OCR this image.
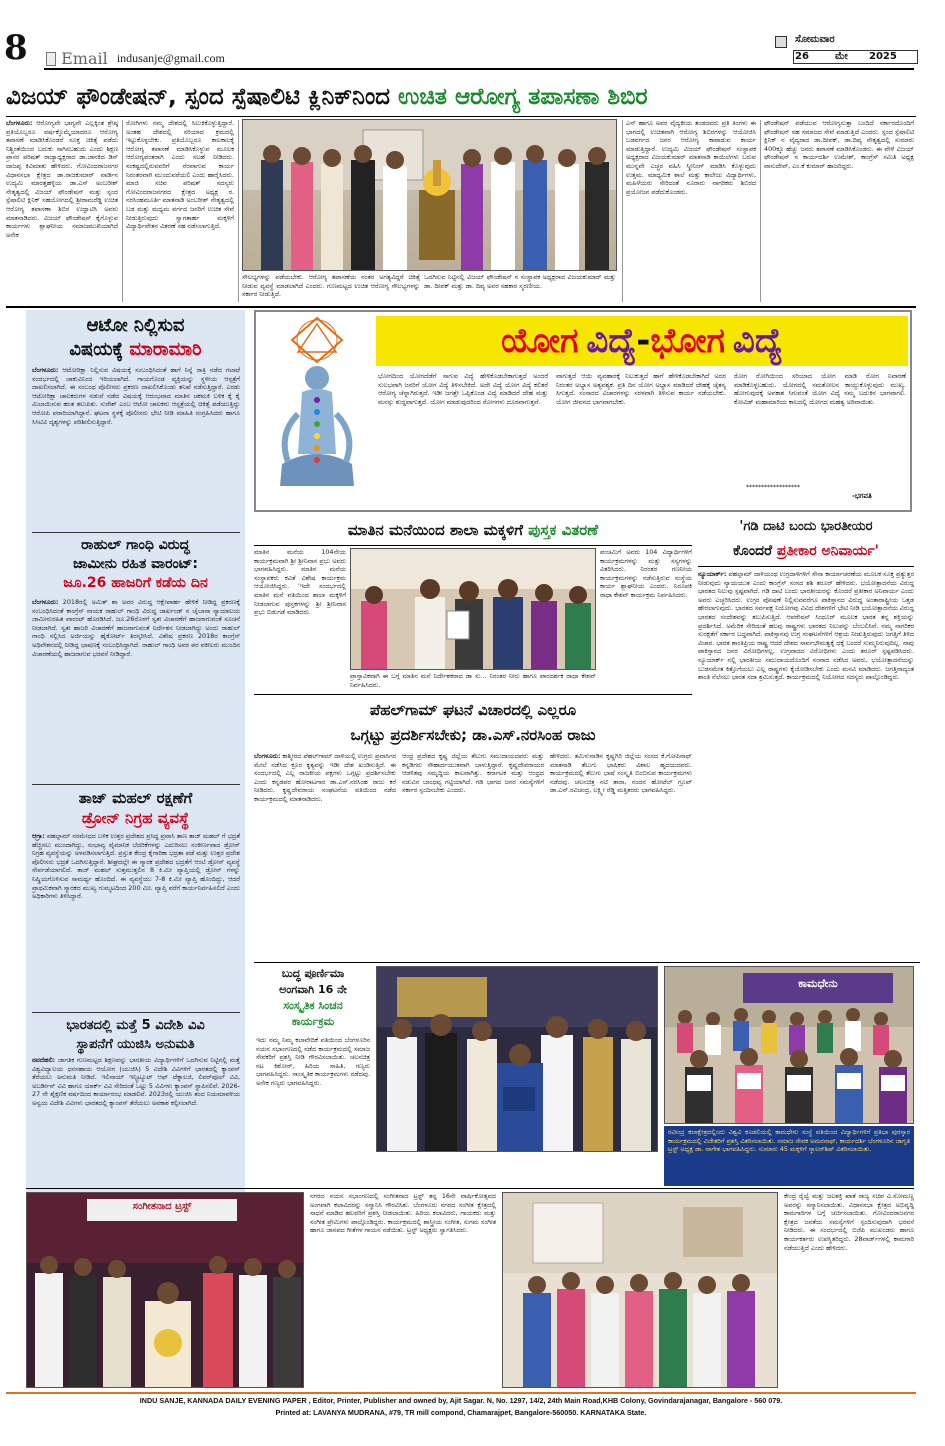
8	Email indusanje@gmail.com
ಸೋಮವಾರ
26	ಮೇ 2025
ವಿಜಯ್ ಫೌಂಡೇಷನ್, ಸ್ಪಂದ ಸ್ಪೆಷಾಲಿಟಿ ಕ್ಲಿನಿಕ್‌ನಿಂದ ಉಚಿತ ಆರೋಗ್ಯ ತಪಾಸಣಾ ಶಿಬಿರ
ಬೆಂಗಳೂರು: ಆರೋಗ್ಯವೇ ಭಾಗ್ಯವೇ ಎಲ್ಲಕ್ಕಿಂತ ಶ್ರೇಷ್ಠ ಪ್ರತಿಯೊಬ್ಬರೂ ವರ್ಷಕ್ಕೊಮ್ಮೆಯಾದರೂ ಆರೋಗ್ಯ ತಪಾಸಣೆ ಮಾಡಿಸಿಕೊಂಡರೆ ಸೂಕ್ತ ಚಿಕಿತ್ಸೆ ಪಡೆದು ನಿಶ್ಚಿಂತೆಯಿಂದ ಬದುಕು ಸಾಗಿಸಬಹುದು ಎಂದು ಶಿಕ್ಷಣ ಪ್ರಾಸರ ಪರಿಷತ್ ರಾಜ್ಯಾಧ್ಯಕ್ಷರಾದ ಡಾ.ಜಾನಕಿದ ಡಿಸ್ ದಾಜಪ್ಪ ಕಿವಿಮಾತು ಹೇಳಿದರು. ಗೋವಿಂದರಾಜನಗರ ವಿಧಾನಸಭಾ ಕ್ಷೇತ್ರದ ಡಾ.ರಾಜಕುಮಾರ್ ವಾರ್ಡಿನ ಉದ್ಯಮಿ ಮಾರತ್ತಹಳ್ಳಿಯ ಡಾ.ಎಸ್ ಅಂಬರೀಶ್ ನೇತೃತ್ವದಲ್ಲಿ ವಿಜಯ್ ಫೌಂಡೇಷನ್ ಮತ್ತು ಸ್ಪಂದ ಸ್ಪೆಷಾಲಿಟಿ ಕ್ಲಿನಿಕ್ ಸಹಯೋಗದಲ್ಲಿ ಶ್ರೀರಾಮರೆಡ್ಡಿ ಉಚಿತ ಆರೋಗ್ಯ ತಪಾಸಣಾ ಶಿಬಿರ ಉದ್ಘಾಟಿಸಿ ಅವರು ಮಾತನಾಡಿದರು. ವಿಜಯ್ ಫೌಂಡೇಷನ್ ಕೈಗೊಳ್ಳುವ ಕಾರ್ಯಗಳು ಶ್ಲಾಘನೀಯ ಸಮಾಜಮುಖಿಯಾಗಿದೆ ಅನೇಕ
ರೋಗಿಗಳು ನಮ್ಮ ದೇಶದಲ್ಲಿ ಸಿಲುಕಿಕೊಳ್ಳುತ್ತಿದ್ದಾರೆ. ಅಂತಹ ದೇಶದಲ್ಲಿ ಸರಿಯಾದ ಕ್ರಮದಲ್ಲಿ ಇಟ್ಟುಕೊಳ್ಳಬೇಕು. ಪ್ರತಿಯೊಬ್ಬರೂ ಕಾಲಕಾಲಕ್ಕೆ ಆರೋಗ್ಯ ತಪಾಸಣೆ ಮಾಡಿಸಿಕೊಳ್ಳುವ ಮೂಲಕ ಆರೋಗ್ಯವಂತರಾಗಿ ಎಂದು ಸಲಹೆ ನೀಡಿದರು. ಸಂಕಷ್ಟದಲ್ಲಿರುವವರಿಗೆ ನೆರವಾಗುವ ಕಾರ್ಯ ನಿರಂತರವಾಗಿ ಮುಂದುವರೆಯಲಿ ಎಂದು ಹಾರೈಸಿದರು. ಮಾಜಿ ಸಚಿವ ಪರಿಷತ್ ಸದಸ್ಯರು ಗೋವಿಂದರಾಜನಗರದ ಕ್ಷೇತ್ರದ ಅಧ್ಯಕ್ಷ ರ. ನರಸಿಂಹಮೂರ್ತಿ ಮಾತನಾಡಿ ಅಂಬರೀಶ್ ನೇತೃತ್ವದಲ್ಲಿ ಬಡ ಮತ್ತು ಮಧ್ಯಮ ವರ್ಗದ ಜನರಿಗೆ ಉಚಿತ ಸೇವೆ ನೀಡುತ್ತಿರುವುದು ಸ್ವಾಗತಾರ್ಹ ಮಕ್ಕಳಿಗೆ ವಿದ್ಯಾರ್ಥಿವೇತನ ವಿತರಣೆ ಸಹ ನಡೆಸಲಾಗುತ್ತಿದೆ.
ಸೌಲಭ್ಯಗಳನ್ನು ಪಡೆಯಬೇಕು. ಆರೋಗ್ಯ ತಪಾಸಣೆಯ ನಂತರ ಅಗತ್ಯವಿದ್ದರೆ ಚಿಕಿತ್ಸೆ ನೀಡುವ ವ್ಯವಸ್ಥೆ ಮಾಡಲಾಗಿದೆ ಎಂದರು. ಗುಣಮಟ್ಟದ ಉಚಿತ ಆರೋಗ್ಯ ಸೌಲಭ್ಯಗಳನ್ನು ಸರ್ಕಾರ ನೀಡುತ್ತಿದೆ.
ಒದಗಿಸುವ ನಿಟ್ಟಿನಲ್ಲಿ ವಿಜಯ್ ಫೌಂಡೇಷನ್ ನ ಸಂಸ್ಥಾಪಕ ಅಧ್ಯಕ್ಷರಾದ ವಿಜಯಕುಮಾರ್ ಮತ್ತು ಡಾ. ದೀಪಕ್ ಮತ್ತು ಡಾ. ದಿವ್ಯ ಅವರ ಸಹಕಾರ ಸ್ಮರಣೀಯ.
ಎನ್ ಹಾಗೂ ಅವರ ವೈದ್ಯಕೀಯ ತಂಡದವರು ಪ್ರತಿ ತಿಂಗಳು ಈ ಭಾಗದಲ್ಲಿ ಉಚಿತವಾಗಿ ಆರೋಗ್ಯ ಶಿಬಿರಗಳನ್ನು ಆಯೋಜಿಸಿ ಬಡವರ್ಗದ ಜನರ ಆರೋಗ್ಯ ಕಾಪಾಡುವ ಕಾರ್ಯ ಮಾಡುತ್ತಿದ್ದಾರೆ. ಉದ್ಯಮಿ ವಿಜಯ್ ಫೌಂಡೇಷನ್ ಸಂಸ್ಥಾಪಕ ಅಧ್ಯಕ್ಷರಾದ ವಿಜಯಕುಮಾರ್ ಮಾತನಾಡಿ ಕಾಯಿಲೆಗಳು ಬರುವ ಮುನ್ನವೇ ಎಚ್ಚರ ವಹಿಸಿ ಸ್ಕ್ರೀನಿಂಗ್ ಮಾಡಿಸಿ ಕೊಳ್ಳುವುದು ಉತ್ತಮ. ಮಾಧ್ಯಮಿಕ ಶಾಲೆ ಮತ್ತು ಕಾಲೇಜು ವಿದ್ಯಾರ್ಥಿಗಳು, ಮಹಿಳೆಯರು ಸೇರಿದಂತೆ ನೂರಾರು ನಾಗರಿಕರು ಶಿಬಿರದ ಪ್ರಯೋಜನ ಪಡೆದುಕೊಂಡರು.
ಫೌಂಡೇಷನ್ ಪಡೆಯುವ ಆರೋಗ್ಯಸುತ್ತಾ ಬಂದಿದೆ ಸರ್ಕಾರದೊಂದಿಗೆ ಫೌಂಡೇಷನ್ ಸಹ ಸಮಾಜದ ಸೇವೆ ಮಾಡುತ್ತಿದೆ ಎಂದರು. ಸ್ಪಂದ ಸ್ಪೆಷಾಲಿಟಿ ಕ್ಲಿನಿಕ್ ನ ವೈದ್ಯರಾದ ಡಾ.ದೀಪಕ್, ಡಾ.ದಿವ್ಯ ನೇತೃತ್ವದಲ್ಲಿ ಸುಮಾರು 400ಕ್ಕೂ ಹೆಚ್ಚು ಜನರು ತಪಾಸಣೆ ಮಾಡಿಸಿಕೊಂಡರು. ಈ ವೇಳೆ ವಿಜಯ್ ಫೌಂಡೇಷನ್ ನ ಕಾರ್ಯದರ್ಶಿ ಉಮೇಶ್, ಕಾಂಗ್ರೆಸ್ ಸಮಿತಿ ಅಧ್ಯಕ್ಷ ವಾಸುದೇವ್, ಎಂ.ಕೆ ಕುಮಾರ್ ಹಾಜರಿದ್ದರು.
ಆಟೋ ನಿಲ್ಲಿಸುವ
ವಿಷಯಕ್ಕೆ ಮಾರಾಮಾರಿ
ಬೆಂಗಳೂರು: ಆಟೋರಿಕ್ಷಾ ನಿಲ್ಲಿಸುವ ವಿಷಯಕ್ಕೆ ಸಂಬಂಧಿಸಿದಂತೆ ಹಾಗೆ ನಿನ್ನೆ ರಾತ್ರಿ ನಡೆದ ಗಲಾಟೆ ಸಂದರ್ಭದಲ್ಲಿ ಚಾಕುವಿನಿಂದ ಇರಿಯಲಾಗಿದೆ. ಗಾಯಗೊಂಡ ವ್ಯಕ್ತಿಯನ್ನು ಸ್ಥಳೀಯ ಆಸ್ಪತ್ರೆಗೆ ದಾಖಲಿಸಲಾಗಿದೆ. ಈ ಸಂಬಂಧ ಪೊಲೀಸರು ಪ್ರಕರಣ ದಾಖಲಿಸಿಕೊಂಡು ತನಿಖೆ ನಡೆಸುತ್ತಿದ್ದಾರೆ. ಎರಡು ಆಟೋರಿಕ್ಷಾ ಚಾಲಕರುಗಳ ನಡುವೆ ನಡೆದ ವಿಷಯಕ್ಕೆ ಆರಂಭವಾದ ಮಾತಿನ ಚಕಮಕಿ ಬಳಿಕ ಕೈ ಕೈ ಮಿಲಾಯಿಸುವ ಹಂತ ತಲುಪಿತು. ಸುರೇಶ್ ಎಂಬ ಆಟೋ ಚಾಲಕನು ಆಸ್ಪತ್ರೆಯಲ್ಲಿ ಚಿಕಿತ್ಸೆ ಪಡೆಯುತ್ತಿದ್ದು ಆರೋಪಿ ಪರಾರಿಯಾಗಿದ್ದಾನೆ. ಘಟನಾ ಸ್ಥಳಕ್ಕೆ ಪೊಲೀಸರು ಭೇಟಿ ನೀಡಿ ಮಾಹಿತಿ ಸಂಗ್ರಹಿಸಿದರು ಹಾಗೂ ಸಿಸಿಟಿವಿ ದೃಶ್ಯಗಳನ್ನು ಪರಿಶೀಲಿಸುತ್ತಿದ್ದಾರೆ.
ರಾಹುಲ್ ಗಾಂಧಿ ವಿರುದ್ಧ
ಜಾಮೀನು ರಹಿತ ವಾರಂಟ್:
ಜೂ.26 ಹಾಜರಿಗೆ ಕಡೆಯ ದಿನ
ಬೆಂಗಳೂರು: 2018ರಲ್ಲಿ ಅಮಿತ್ ಶಾ ಅವರ ವಿರುದ್ಧ ಆಕ್ಷೇಪಾರ್ಹ ಹೇಳಿಕೆ ನೀಡಿದ್ದ ಪ್ರಕರಣಕ್ಕೆ ಸಂಬಂಧಿಸಿದಂತೆ ಕಾಂಗ್ರೆಸ್ ನಾಯಕ ರಾಹುಲ್ ಗಾಂಧಿ ವಿರುದ್ಧ ಜಾರ್ಖಂಡ್ ನ ಚೈಬಾಸಾ ನ್ಯಾಯಾಲಯ ಜಾಮೀನುರಹಿತ ವಾರಂಟ್ ಹೊರಡಿಸಿದೆ. ಜೂ.26ರೊಳಗೆ ಸ್ವತಃ ವಿಚಾರಣೆಗೆ ಹಾಜರಾಗುವಂತೆ ಸೂಚನೆ ನೀಡಲಾಗಿದೆ. ಸ್ವತಃ ಹಾಜರಿ ವಿಚಾರಣೆಗೆ ಹಾಜರಾಗುವಂತೆ ನಿರ್ದೇಶನ ನೀಡಲಾಗಿದ್ದು ಅಂದು ರಾಹುಲ್ ಗಾಂಧಿ ಸಲ್ಲಿಸಿದ ಅರ್ಜಿಯನ್ನು ಹೈಕೋರ್ಟ್ ತಿರಸ್ಕರಿಸಿದೆ. ವಿಶೇಷ ಪ್ರಕರಣ 2018ರ ಕಾಂಗ್ರೆಸ್ ಅಧಿವೇಶನದಲ್ಲಿ ನೀಡಿದ್ದ ಭಾಷಣಕ್ಕೆ ಸಂಬಂಧಿಸಿದ್ದಾಗಿದೆ. ರಾಹುಲ್ ಗಾಂಧಿ ಅವರ ಪರ ವಕೀಲರು ಮುಂದಿನ ವಿಚಾರಣೆಯಲ್ಲಿ ಹಾಜರಾಗುವ ಭರವಸೆ ನೀಡಿದ್ದಾರೆ.
ತಾಜ್ ಮಹಲ್ ರಕ್ಷಣೆಗೆ
ಡ್ರೋನ್ ನಿಗ್ರಹ ವ್ಯವಸ್ಥೆ
ಆಗ್ರಾ: ಪಹಲ್ಗಾಮ್ ನರಮೇಧದ ಬಳಿಕ ಉತ್ತರ ಪ್ರದೇಶದ ಪ್ರಸಿದ್ಧ ಪ್ರವಾಸಿ ತಾಣ ತಾಜ್ ಮಹಲ್ ಗೆ ಭದ್ರತೆ ಹೆಚ್ಚಿಸಲು ಮುಂದಾಗಿದ್ದು, ಸಂಭಾವ್ಯ ವೈಮಾನಿಕ ಬೆದರಿಕೆಗಳನ್ನು ಎದುರಿಸಲು ಸಂಕೀರ್ಣವಾದ ಡ್ರೋನ್ ನಿಗ್ರಹ ವ್ಯವಸ್ಥೆಯನ್ನು ಅಳವಡಿಸಲಾಗುತ್ತಿದೆ. ಪ್ರಸ್ತುತ ಕೇಂದ್ರ ಕೈಗಾರಿಕಾ ಭದ್ರತಾ ಪಡೆ ಮತ್ತು ಉತ್ತರ ಪ್ರದೇಶ ಪೊಲೀಸರು ಭದ್ರತೆ ಒದಗಿಸುತ್ತಿದ್ದಾರೆ. ಶೀಘ್ರದಲ್ಲೇ ಈ ಸ್ಮಾರಕ ಪ್ರದೇಶದ ಭದ್ರತೆಗೆ ಆಂಟಿ ಡ್ರೋನ್ ವ್ಯವಸ್ಥೆ ಸೇರ್ಪಡೆಯಾಗಲಿದೆ. ತಾಜ್ ಮಹಲ್ ಸುತ್ತಮುತ್ತಲಿನ 8 ಕಿ.ಮೀ ವ್ಯಾಪ್ತಿಯಲ್ಲಿ ಡ್ರೋನ್ ಗಳನ್ನು ನಿಷ್ಕ್ರಿಯಗೊಳಿಸುವ ಸಾಮರ್ಥ್ಯ ಹೊಂದಿದೆ. ಈ ವ್ಯವಸ್ಥೆಯು 7-8 ಕಿ.ಮೀ ವ್ಯಾಪ್ತಿ ಹೊಂದಿದ್ದು, ಆದರೆ ಪ್ರಾಥಮಿಕವಾಗಿ ಸ್ಮಾರಕದ ಮುಖ್ಯ ಗುಮ್ಮಟದಿಂದ 200 ಮೀ. ವ್ಯಾಪ್ತಿ ವರೆಗೆ ಕಾರ್ಯನಿರ್ವಹಿಸಲಿದೆ ಎಂದು ಅಧಿಕಾರಿಗಳು ತಿಳಿಸಿದ್ದಾರೆ.
ಭಾರತದಲ್ಲಿ ಮತ್ತೆ 5 ವಿದೇಶಿ ವಿವಿ
ಸ್ಥಾಪನೆಗೆ ಯುಜಿಸಿ ಅನುಮತಿ
ನವದೆಹಲಿ: ಜಾಗತಿಕ ಗುಣಮಟ್ಟದ ಶಿಕ್ಷಣವನ್ನು ಭಾರತೀಯ ವಿದ್ಯಾರ್ಥಿಗಳಿಗೆ ಒದಗಿಸುವ ನಿಟ್ಟಿನಲ್ಲಿ ಮತ್ತೆ ವಿಶ್ವವಿದ್ಯಾಲಯ ಧನಸಹಾಯ ಆಯೋಗ (ಯುಜಿಸಿ) 5 ವಿದೇಶಿ ವಿವಿಗಳಿಗೆ ಭಾರತದಲ್ಲಿ ಕ್ಯಾಂಪಸ್ ತೆರೆಯಲು ಅನುಮತಿ ನೀಡಿದೆ. ಇಲಿನಾಯ್ ಇನ್ಸ್ಟಿಟ್ಯೂಟ್ ಆಫ್ ಟೆಕ್ನಾಲಜಿ, ಲಿವರ್‌ಪೂಲ್ ವಿವಿ, ಅಬರ್ಡೀನ್ ವಿವಿ ಹಾಗೂ ಯಾರ್ಕ್ ವಿವಿ ಸೇರಿದಂತೆ ಒಟ್ಟು 5 ವಿವಿಗಳು ಕ್ಯಾಂಪಸ್ ಸ್ಥಾಪಿಸಲಿವೆ. 2026-27 ನೇ ಶೈಕ್ಷಣಿಕ ವರ್ಷದಿಂದ ಕಾರ್ಯಾರಂಭ ಮಾಡಲಿವೆ. 2023ರಲ್ಲಿ ಯುಜಿಸಿ ತಂದ ನಿಯಮಾವಳಿಯ ಅನ್ವಯ ವಿದೇಶಿ ವಿವಿಗಳು ಭಾರತದಲ್ಲಿ ಕ್ಯಾಂಪಸ್ ತೆರೆಯಲು ಅವಕಾಶ ಕಲ್ಪಿಸಲಾಗಿದೆ.
ಯೋಗ ವಿದ್ಯೆ-ಭೋಗ ವಿದ್ಯೆ
ಭೋಗದಿಂದ ಯೋಗದೆಡೆಗೆ ಸಾಗುವ ವಿದ್ಯೆ ಹೇಳಿಕೊಡಬೇಕಾಗುತ್ತದೆ ಅಂದರೆ ಸುಲಭವಾಗಿ ಜನರಿಗೆ ಯೋಗ ವಿದ್ಯೆ ತಿಳಿಸಬೇಕಿದೆ. ಅದೇ ವಿದ್ಯೆ ಯೋಗ ವಿದ್ಯೆ ಕಲಿತರೆ ಆರೋಗ್ಯ ಚೆನ್ನಾಗಿರುತ್ತದೆ. ಇಡೀ ಜಗತ್ತೇ ಒಪ್ಪಿಕೊಂಡ ವಿದ್ಯೆ ಮಾಡಿದರೆ ದೇಹ ಮತ್ತು ಮನಸ್ಸು ಶುದ್ಧವಾಗುತ್ತದೆ. ಯೋಗ ಮಾಡುವುದರಿಂದ ರೋಗಗಳು ದೂರವಾಗುತ್ತವೆ.
ವಾಗುತ್ತದೆ ಆಯಿ ವ್ಯವಹಾರಕ್ಕೆ ನಿಲುಕುತ್ತದೆ ಹಾಗೆ ಹೇಳಿಕೊಡಬೇಕಾಗಿದೆ ಅದರ ನಿರಂತರ ಅಭ್ಯಾಸ ಅತ್ಯವಶ್ಯಕ. ಪ್ರತಿ ದಿನ ಯೋಗ ಅಭ್ಯಾಸ ಮಾಡಿದರೆ ದೇಹಕ್ಕೆ ಚೈತನ್ಯ ಸಿಗುತ್ತದೆ. ಸಂಸಾರದ ವಿಚಾರಗಳನ್ನು ಸರಳವಾಗಿ ತಿಳಿಸುವ ಕಾರ್ಯ ನಡೆಯಬೇಕು. ಯೋಗ ಜೀವನದ ಭಾಗವಾಗಬೇಕು.
ರೋಗ ರೋಗಿಯಿಂದ ಸರಿಯಾದ ಯೋಗ ಮಾಡಿ ರೋಗ ನಿವಾರಣೆ ಮಾಡಿಕೊಳ್ಳಬಹುದು. ಯೋಗದಲ್ಲಿ ಸಮತೋಲನ ಕಾಯ್ದುಕೊಳ್ಳುವುದು ಮುಖ್ಯ. ಹೋಗುವುದಕ್ಕೆ ಅವಕಾಶ ಸಿಗುವಂತೆ ಯೋಗ ವಿದ್ಯೆ ನಮ್ಮ ಬದುಕಿನ ಭಾಗವಾಗಲಿ. ಕೋವಿಡ್ ಮಹಾಮಾರಿಯ ಕಾಲದಲ್ಲಿ ಯೋಗದ ಮಹತ್ವ ಅರಿವಾಯಿತು.
******************
-ಭಗವತಿ
ಮಾತಿನ ಮನೆಯಿಂದ ಶಾಲಾ ಮಕ್ಕಳಿಗೆ ಪುಸ್ತಕ ವಿತರಣೆ
ಮಾತಿನ ಮನೆಯ 104ನೇಯ ಕಾರ್ಯಕ್ರಮವಾಗಿ ಶ್ರೀ ಶ್ರೀನಿವಾಸ ಪ್ರಭು ಅವರು ಭಾಗವಹಿಸಿದ್ದರು. ಮಾತಿನ ಮನೆಯ ಸಂಸ್ಥಾಪಕರು ಕವಿತೆ ವಿಶೇಷ ಕಾರ್ಯಕ್ರಮ ಆಯೋಜಿಸಿದ್ದರು. 'ಇದೇ ಸಂದರ್ಭದಲ್ಲಿ ಮಾತಿನ ಮನೆ ವತಿಯಿಂದ ಶಾಲಾ ಮಕ್ಕಳಿಗೆ ನೀಡಲಾಗುವ ಪುಸ್ತಕಗಳನ್ನು ಶ್ರೀ ಶ್ರೀನಿವಾಸ ಪ್ರಭು ಬಿಡುಗಡೆ ಮಾಡಿದರು.
ಪ್ರಾಸ್ತಾವಿಕವಾಗಿ ಈ ಬಗ್ಗೆ ಮಾತಿನ ಮನೆ ನಿರ್ದೇಶಕರಾದ ಡಾ ಸು... ನಿರಂತರ ನೀರು ಹಾಗೂ ಪಾರದರ್ಶಕ ರಾಧಾ ಕೇಶವ್ ನಿರ್ವಹಿಸಿದರು.
ಪಂಚಮಿಗೆ ಅವರು 104 ವಿದ್ಯಾರ್ಥಿಗಳಿಗೆ ಕಾರ್ಯಕ್ರಮಗಳನ್ನು ಮತ್ತು ಸಸ್ಯಗಳನ್ನು ವಿತರಿಸಿದರು. ನಿರಂತರ ಗಣನೀಯ ಕಾರ್ಯಕ್ರಮಗಳನ್ನು ನಡೆಸುತ್ತಿರುವ ಸಂಸ್ಥೆಯ ಕಾರ್ಯ ಶ್ಲಾಘನೀಯ ಎಂದರು. ನಿರೂಪಕಿ ರಾಧಾ ಕೇಶವ್ ಕಾರ್ಯಕ್ರಮ ನಿರ್ವಹಿಸಿದರು.
ಪೆಹಲ್‌ಗಾಮ್ ಘಟನೆ ವಿಚಾರದಲ್ಲಿ ಎಲ್ಲರೂ
ಒಗ್ಗಟ್ಟು ಪ್ರದರ್ಶಿಸಬೇಕು; ಡಾ.ಎಸ್.ನರಸಿಂಹ ರಾಜು
ಬೆಂಗಳೂರು: ಕಾಶ್ಮೀರದ ಪೆಹಲ್‌ಗಾಮ್ ದಾಳಿಯಲ್ಲಿ ಉಗ್ರರು ಪ್ರವಾಸಿಗರ ಮೇಲೆ ನಡೆಸಿದ ಕ್ರೂರ ಕೃತ್ಯವನ್ನು ಇಡೀ ದೇಶ ಖಂಡಿಸುತ್ತಿದೆ. ಈ ಸಂದರ್ಭದಲ್ಲಿ ಎಲ್ಲ ರಾಜಕೀಯ ಪಕ್ಷಗಳು ಒಗ್ಗಟ್ಟು ಪ್ರದರ್ಶಿಸಬೇಕು ಎಂದು ಕನ್ನಡಪರ ಹೋರಾಟಗಾರ ಡಾ.ಎಸ್.ನರಸಿಂಹ ರಾಜು ಕರೆ ನೀಡಿದರು. ಕೃಷ್ಣದೇವರಾಯ ಸಂಘಟನೆಯ ವತಿಯಿಂದ ನಡೆದ ಕಾರ್ಯಕ್ರಮದಲ್ಲಿ ಮಾತನಾಡಿದರು.
ಆಂಧ್ರ ಪ್ರದೇಶದ ಕೃಷ್ಣ ಜಿಲ್ಲೆಯ ತೆಲುಗು ಸಮುದಾಯದವರು ಮತ್ತು ಕನ್ನಡಿಗರು ಸೌಹಾರ್ದಯುತವಾಗಿ ಬಾಳುತ್ತಿದ್ದಾರೆ. ಕೃಷ್ಣದೇವರಾಯರ ಆಡಳಿತವು ಸಮೃದ್ಧಿಯ ಕಾಲವಾಗಿತ್ತು. ಕರ್ನಾಟಕ ಮತ್ತು ಆಂಧ್ರದ ನಡುವಿನ ಬಾಂಧವ್ಯ ಗಟ್ಟಿಯಾಗಿದೆ. ಗಡಿ ಭಾಗದ ಜನರ ಸಮಸ್ಯೆಗಳಿಗೆ ಸರ್ಕಾರ ಸ್ಪಂದಿಸಬೇಕು ಎಂದರು.
ಹೇಳಿದರು. ತಮಿಳುನಾಡಿನ ಕೃಷ್ಣಗಿರಿ ಜಿಲ್ಲೆಯ ಸಂಸದ ಕೆ.ಗೋಪಿನಾಥ್ ಮಾತನಾಡಿ ತೆಲುಗು ಭಾಷಿಕರು ವಿಶಾಲ ಹೃದಯದವರು. ಕಾರ್ಯಕ್ರಮದಲ್ಲಿ ತೆಲುಗು ಭಾಷೆ ಸಂಸ್ಕೃತಿ ಬಿಂಬಿಸುವ ಕಾರ್ಯಕ್ರಮಗಳು ನಡೆದವು. ಚಲನಚಿತ್ರ ನಟಿ ತಾರಾ, ನಂದನ ಹೋಟೆಲ್ ಗ್ರೂಪ್ ಡಾ.ಎನ್.ರವಿಚಂದ್ರ, ಲಕ್ಷ್ಮೀ ರೆಡ್ಡಿ ಮತ್ತಿತರರು ಭಾಗವಹಿಸಿದ್ದರು.
'ಗಡಿ ದಾಟಿ ಬಂದು ಭಾರತೀಯರ
ಕೊಂದರೆ ಪ್ರತೀಕಾರ ಅನಿವಾರ್ಯ'
ನ್ಯೂಯಾರ್ಕ್: ಪಹಲ್ಗಾಮ್ ದಾಳಿಯಂಥ ಉಗ್ರದಾಳಿಗಳಿಗೆ ಸೇನಾ ಕಾರ್ಯಾಚರಣೆಯ ಮೂಲಕ ಸೂಕ್ತ ಪ್ರತ್ಯುತ್ತರ ನೀಡುವುದು ನ್ಯಾಯಯುತ ಎಂದು ಕಾಂಗ್ರೆಸ್ ಸಂಸದ ಶಶಿ ತರೂರ್ ಹೇಳಿದರು. ಭಯೋತ್ಪಾದನೆಯ ವಿರುದ್ಧ ಭಾರತದ ನಿಲುವು ಸ್ಪಷ್ಟವಾಗಿದೆ. ಗಡಿ ದಾಟಿ ಬಂದು ಭಾರತೀಯರನ್ನು ಕೊಂದರೆ ಪ್ರತೀಕಾರ ಅನಿವಾರ್ಯ ಎಂದು ಅವರು ಎಚ್ಚರಿಸಿದರು. ಉಗ್ರರ ಪೋಷಣೆ ನಿಲ್ಲಿಸುವವರೆಗೂ ಪಾಕಿಸ್ತಾನದ ವಿರುದ್ಧ ಅಂತಾರಾಷ್ಟ್ರೀಯ ಒತ್ತಡ ಹೇರಲಾಗುವುದು. ಭಾರತದ ಸರ್ವಪಕ್ಷ ನಿಯೋಗವು ವಿವಿಧ ದೇಶಗಳಿಗೆ ಭೇಟಿ ನೀಡಿ ಭಯೋತ್ಪಾದನೆಯ ವಿರುದ್ಧ ಭಾರತದ ಸಂದೇಶವನ್ನು ತಲುಪಿಸುತ್ತಿದೆ. ಆಪರೇಷನ್ ಸಿಂಧೂರ್ ಮೂಲಕ ಭಾರತ ತನ್ನ ಶಕ್ತಿಯನ್ನು ಪ್ರದರ್ಶಿಸಿದೆ. ಅಮೆರಿಕ ಸೇರಿದಂತೆ ಹಲವು ರಾಷ್ಟ್ರಗಳು ಭಾರತದ ನಿಲುವನ್ನು ಬೆಂಬಲಿಸಿವೆ. ನಮ್ಮ ನಾಗರಿಕರ ಸುರಕ್ಷತೆಗೆ ಸರ್ಕಾರ ಬದ್ಧವಾಗಿದೆ. ಪಾಕಿಸ್ತಾನವು ಉಗ್ರ ಸಂಘಟನೆಗಳಿಗೆ ಆಶ್ರಯ ನೀಡುತ್ತಿರುವುದು ಜಗತ್ತಿಗೆ ತಿಳಿದ ವಿಚಾರ. ಭಾರತ ಶಾಂತಿಪ್ರಿಯ ರಾಷ್ಟ್ರ ಆದರೆ ದೇಶದ ಸಾರ್ವಭೌಮತ್ವಕ್ಕೆ ಧಕ್ಕೆ ಬಂದರೆ ಸುಮ್ಮನಿರುವುದಿಲ್ಲ. ನಾವು ಪಾಕಿಸ್ತಾನದ ಜನರ ವಿರೋಧಿಗಳಲ್ಲ, ಉಗ್ರವಾದದ ವಿರೋಧಿಗಳು ಎಂದು ತರೂರ್ ಸ್ಪಷ್ಟಪಡಿಸಿದರು. ನ್ಯೂಯಾರ್ಕ್ ನಲ್ಲಿ ಭಾರತೀಯ ಸಮುದಾಯದೊಂದಿಗೆ ಸಂವಾದ ನಡೆಸಿದ ಅವರು, ಭಯೋತ್ಪಾದನೆಯನ್ನು ಬುಡಸಮೇತ ಕಿತ್ತೊಗೆಯಲು ಎಲ್ಲ ರಾಷ್ಟ್ರಗಳು ಕೈಜೋಡಿಸಬೇಕು ಎಂದು ಮನವಿ ಮಾಡಿದರು. ಜಗತ್ತಿನಾದ್ಯಂತ ಶಾಂತಿ ನೆಲೆಸಲು ಭಾರತ ಸದಾ ಶ್ರಮಿಸುತ್ತದೆ. ಕಾರ್ಯಕ್ರಮದಲ್ಲಿ ನಿಯೋಗದ ಸದಸ್ಯರು ಪಾಲ್ಗೊಂಡಿದ್ದರು.
ಬುದ್ಧ ಪೂರ್ಣಿಮಾ
ಅಂಗವಾಗಿ 16 ನೇ
ಸಂಸ್ಕೃತಿಕ ಸಿಂಚನ
ಕಾರ್ಯಕ್ರಮ
ಇದು ನಮ್ಮ ನಿಮ್ಮ ಕಲಾವೇದಿಕೆ ವತಿಯಿಂದ ಬೆಂಗಳೂರಿನ ನಯನ ಸಭಾಂಗಣದಲ್ಲಿ ನಡೆದ ಕಾರ್ಯಕ್ರಮದಲ್ಲಿ ಸಮಾಜ ಸೇವಕರಿಗೆ ಪ್ರಶಸ್ತಿ ನೀಡಿ ಗೌರವಿಸಲಾಯಿತು. ಚಲನಚಿತ್ರ ನಟ ಕಿಶೋರ್, ಹಿರಿಯ ಸಾಹಿತಿ, ಗಣ್ಯರು ಭಾಗವಹಿಸಿದ್ದರು. ಸಾಂಸ್ಕೃತಿಕ ಕಾರ್ಯಕ್ರಮಗಳು ನಡೆದವು. ಅನೇಕ ಗಣ್ಯರು ಭಾಗವಹಿಸಿದ್ದರು.
ಕಾಮಧೇನು
ರವೀಂದ್ರ ಕಲಾಕ್ಷೇತ್ರದಲ್ಲಿಂದು ವಿಶ್ವವಿ ಕೂಡಲಿಯಲ್ಲಿ ಕಾಮಧೇನು ಸಂಸ್ಥೆ ವತಿಯಿಂದ ವಿದ್ಯಾರ್ಥಿಗಳಿಗೆ ಪ್ರತಿಭಾ ಪುರಸ್ಕಾರ ಕಾರ್ಯಕ್ರಮದಲ್ಲಿ ವಿಜೇತರಿಗೆ ಪ್ರಶಸ್ತಿ ವಿತರಿಸಲಾಯಿತು. ಸಮಾಜ ಸೇವಕ ಅಮರನಾಥ್, ಕಾರ್ಯದರ್ಶಿ ಬೆಂಗಳೂರಿನ ಜಾಗೃತಿ ಟ್ರಸ್ಟ್ ಅಧ್ಯಕ್ಷ ಡಾ. ನಾಗೇಶ ಭಾಗವಹಿಸಿದ್ದರು. ಸುಮಾರು 45 ಮಕ್ಕಳಿಗೆ ಸ್ಕಾಲರ್‌ಶಿಪ್ ವಿತರಿಸಲಾಯಿತು.
ಸಂಗೀತನಾದ ಟ್ರಸ್ಟ್
ನಗರದ ನಯನ ಸಭಾಂಗಣದಲ್ಲಿ ಸಂಗೀತನಾದ ಟ್ರಸ್ಟ್ ತನ್ನ 16ನೇ ವಾರ್ಷಿಕೋತ್ಸವದ ಅಂಗವಾಗಿ ಕಲಾವಿದರನ್ನು ಸನ್ಮಾನಿಸಿ ಗೌರವಿಸಿತು. ಬೆಂಗಳೂರು ನಗರದ ಸಂಗೀತ ಕ್ಷೇತ್ರದಲ್ಲಿ ಸಾಧನೆ ಮಾಡಿದ ಹಲವರಿಗೆ ಪ್ರಶಸ್ತಿ ನೀಡಲಾಯಿತು. ಹಿರಿಯ ಕಲಾವಿದರು, ಗಾಯಕರು ಮತ್ತು ಸಂಗೀತ ಪ್ರೇಮಿಗಳು ಪಾಲ್ಗೊಂಡಿದ್ದರು. ಕಾರ್ಯಕ್ರಮದಲ್ಲಿ ಶಾಸ್ತ್ರೀಯ ಸಂಗೀತ, ಸುಗಮ ಸಂಗೀತ ಹಾಗೂ ಜಾನಪದ ಗೀತೆಗಳ ಗಾಯನ ನಡೆಯಿತು. ಟ್ರಸ್ಟ್ ಅಧ್ಯಕ್ಷರು ಸ್ವಾಗತಿಸಿದರು.
ಕೇಂದ್ರ ರೈಲ್ವೆ ಮತ್ತು ಜಲಶಕ್ತಿ ಖಾತೆ ರಾಜ್ಯ ಸಚಿವ ವಿ.ಸೋಮಣ್ಣ ಅವರನ್ನು ಸನ್ಮಾನಿಸಲಾಯಿತು. ವಿಧಾನಸಭಾ ಕ್ಷೇತ್ರದ ಅಭಿವೃದ್ಧಿ ಕಾಮಗಾರಿಗಳ ಬಗ್ಗೆ ಚರ್ಚಿಸಲಾಯಿತು. ಗೋವಿಂದರಾಜನಗರ ಕ್ಷೇತ್ರದ ಜನತೆಯ ಸಮಸ್ಯೆಗಳಿಗೆ ಸ್ಪಂದಿಸುವುದಾಗಿ ಭರವಸೆ ನೀಡಿದರು. ಈ ಸಂದರ್ಭದಲ್ಲಿ ಬಿಜೆಪಿ ಮುಖಂಡರು ಹಾಗೂ ಕಾರ್ಯಕರ್ತರು ಉಪಸ್ಥಿತರಿದ್ದರು. 28ವಾರ್ಡ್‌ಗಳಲ್ಲಿ ಕಾಮಗಾರಿ ನಡೆಯುತ್ತಿದೆ ಎಂದು ಹೇಳಿದರು.
INDU SANJE, KANNADA DAILY EVENING PAPER , Editor, Printer, Publisher and owned by, Ajit Sagar. N, No. 1297, 14/2, 24th Main Road,KHB Colony, Govindarajanagar, Bangalore - 560 079.
Printed at: LAVANYA MUDRANA, #79, TR mill compond, Chamarajpet, Bangalore-560050. KARNATAKA State.
